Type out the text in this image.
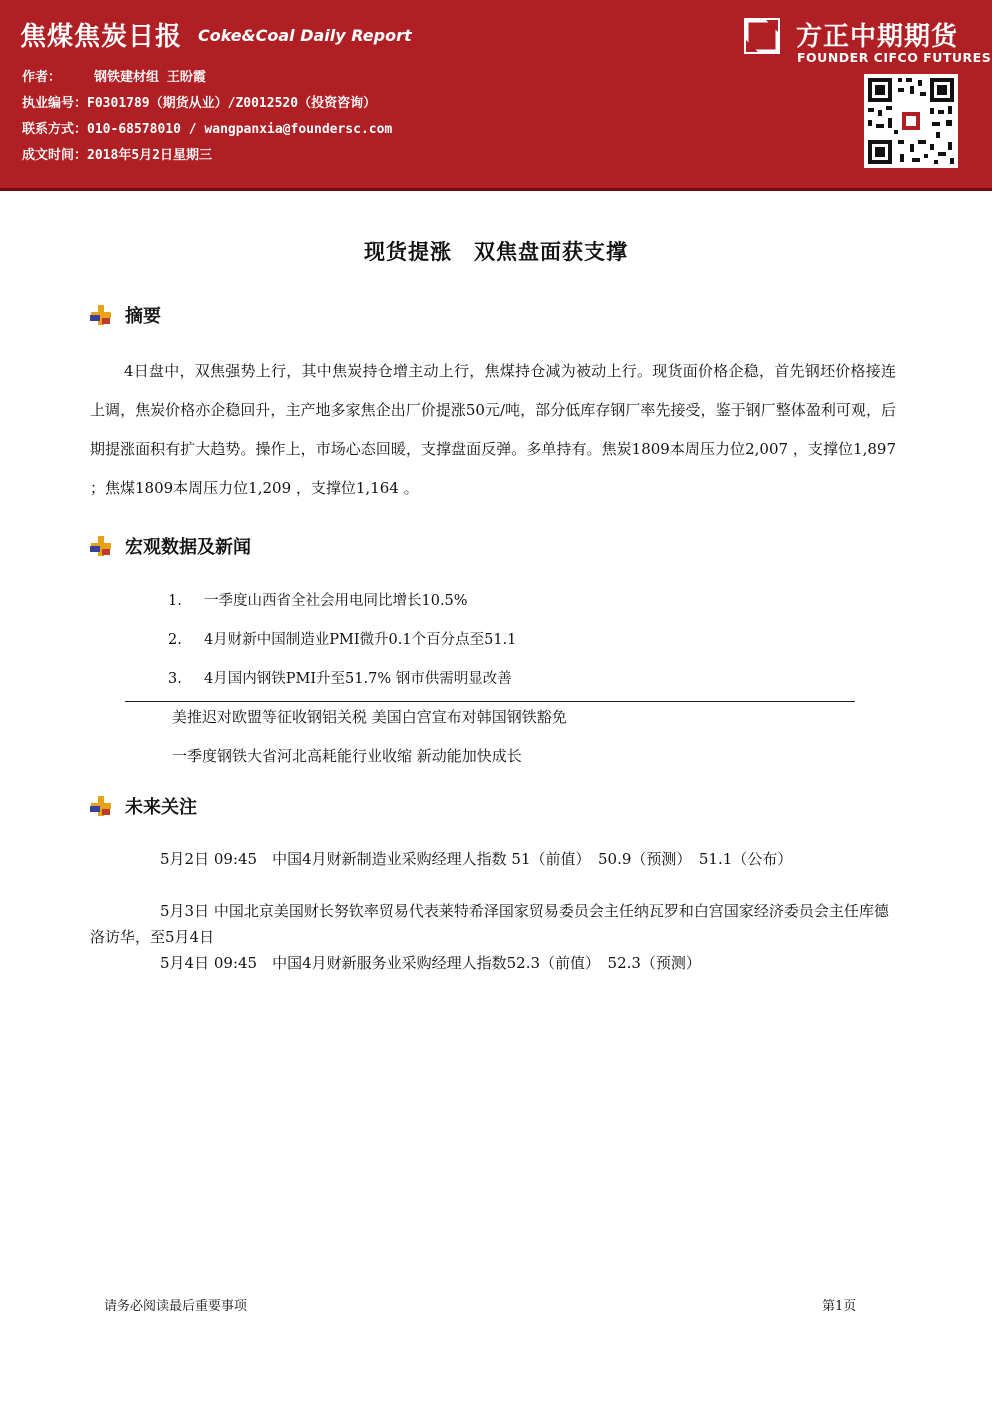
焦煤焦炭日报 Coke&Coal Daily Report
作者：	钢铁建材组 王盼霞
执业编号：F0301789（期货从业）/Z0012520（投资咨询）
联系方式：010-68578010 / wangpanxia@foundersc.com
成文时间：2018年5月2日星期三
方正中期期货
FOUNDER CIFCO FUTURES
现货提涨　双焦盘面获支撑
摘要
4日盘中，双焦强势上行，其中焦炭持仓增主动上行，焦煤持仓减为被动上行。现货面价格企稳，首先钢坯价格接连上调，焦炭价格亦企稳回升，主产地多家焦企出厂价提涨50元/吨，部分低库存钢厂率先接受，鉴于钢厂整体盈利可观，后期提涨面积有扩大趋势。操作上，市场心态回暖，支撑盘面反弹。多单持有。焦炭1809本周压力位2,007 ，支撑位1,897 ；焦煤1809本周压力位1,209 ，支撑位1,164 。
宏观数据及新闻
1. 一季度山西省全社会用电同比增长10.5%
2. 4月财新中国制造业PMI微升0.1个百分点至51.1
3. 4月国内钢铁PMI升至51.7% 钢市供需明显改善
美推迟对欧盟等征收钢铝关税 美国白宫宣布对韩国钢铁豁免
一季度钢铁大省河北高耗能行业收缩 新动能加快成长
未来关注
5月2日 09:45　中国4月财新制造业采购经理人指数 51（前值）　50.9（预测）　51.1（公布）
5月3日 中国北京美国财长努钦率贸易代表莱特希泽国家贸易委员会主任纳瓦罗和白宫国家经济委员会主任库德洛访华，至5月4日
5月4日 09:45　中国4月财新服务业采购经理人指数52.3（前值）　52.3（预测）
请务必阅读最后重要事项	第1页
